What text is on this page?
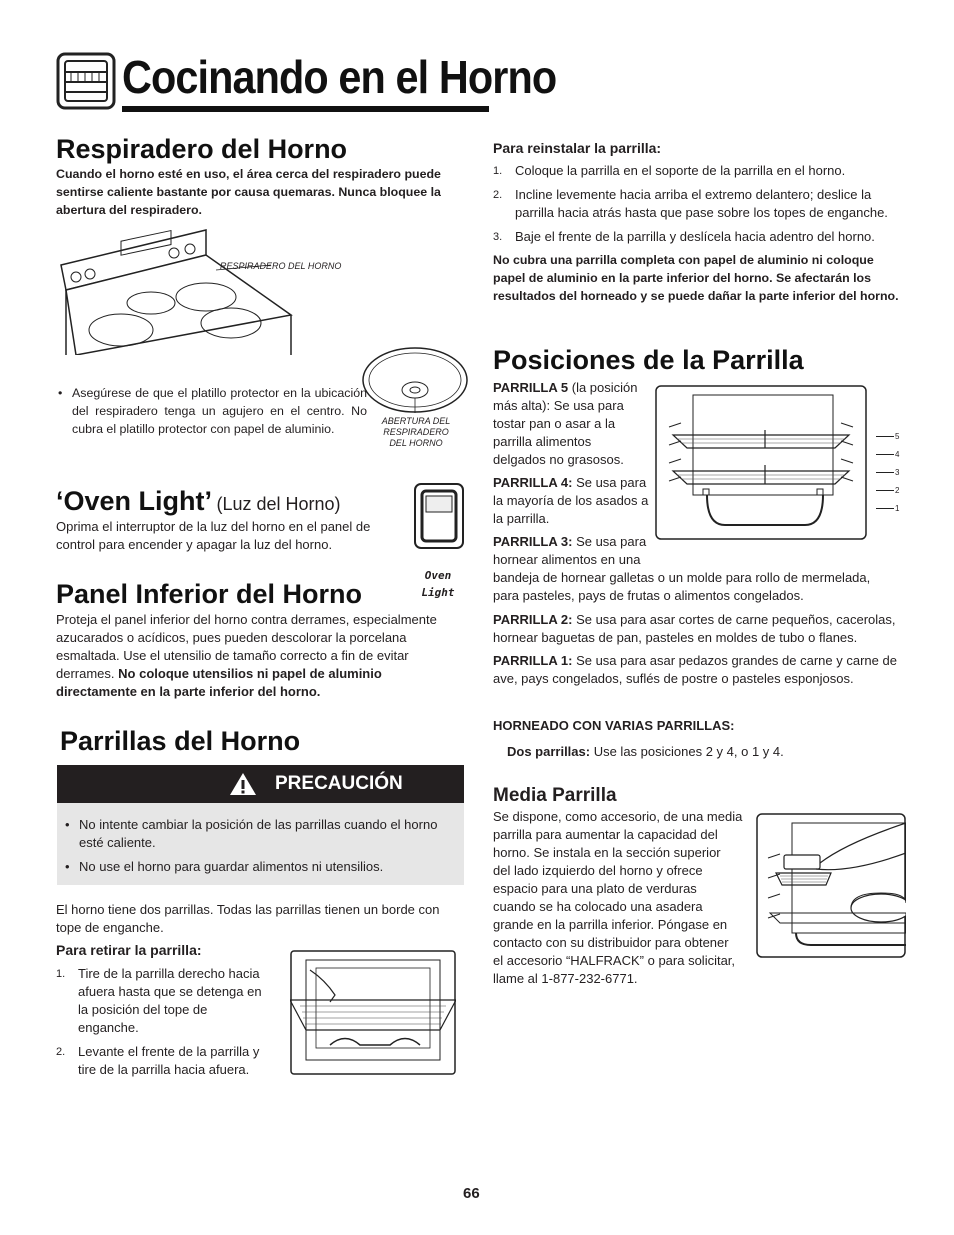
Cocinando en el Horno
Respiradero del Horno
Cuando el horno esté en uso, el área cerca del respiradero puede sentirse caliente bastante por causa quemaras. Nunca bloquee la abertura del respiradero.
RESPIRADERO DEL HORNO
• Asegúrese de que el platillo protector en la ubicación del respiradero tenga un agujero en el centro. No cubra el platillo protector con papel de aluminio.
ABERTURA DEL
RESPIRADERO
DEL HORNO
‘Oven Light’ (Luz del Horno)
Oprima el interruptor de la luz del horno en el panel de control para encender y apagar la luz del horno.
Oven
Light
Panel Inferior del Horno
Proteja el panel inferior del horno contra derrames, especialmente azucarados o acídicos, pues pueden descolorar la porcelana esmaltada. Use el utensilio de tamaño correcto a fin de evitar derrames. No coloque utensilios ni papel de aluminio directamente en la parte inferior del horno.
Parrillas del Horno
PRECAUCIÓN
• No intente cambiar la posición de las parrillas cuando el horno esté caliente.
• No use el horno para guardar alimentos ni utensilios.
El horno tiene dos parrillas. Todas las parrillas tienen un borde con tope de enganche.
Para retirar la parrilla:
1. Tire de la parrilla derecho hacia afuera hasta que se detenga en la posición del tope de enganche.
2. Levante el frente de la parrilla y tire de la parrilla hacia afuera.
Para reinstalar la parrilla:
1. Coloque la parrilla en el soporte de la parrilla en el horno.
2. Incline levemente hacia arriba el extremo delantero; deslice la parrilla hacia atrás hasta que pase sobre los topes de enganche.
3. Baje el frente de la parrilla y deslícela hacia adentro del horno.
No cubra una parrilla completa con papel de aluminio ni coloque papel de aluminio en la parte inferior del horno. Se afectarán los resultados del horneado y se puede dañar la parte inferior del horno.
Posiciones de la Parrilla
PARRILLA 5 (la posición
más alta): Se usa para
tostar pan o asar a la
parrilla alimentos
delgados no grasosos.
PARRILLA 4: Se usa para
la mayoría de los asados a
la parrilla.
PARRILLA 3: Se usa para
hornear alimentos en una
bandeja de hornear galletas o un molde para rollo de mermelada,
para pasteles, pays de frutas o alimentos congelados.
PARRILLA 2: Se usa para asar cortes de carne pequeños, cacerolas, hornear baguetas de pan, pasteles en moldes de tubo o flanes.
PARRILLA 1: Se usa para asar pedazos grandes de carne y carne de ave, pays congelados, suflés de postre o pasteles esponjosos.
5
4
3
2
1
HORNEADO CON VARIAS PARRILLAS:
Dos parrillas: Use las posiciones 2 y 4, o 1 y 4.
Media Parrilla
Se dispone, como accesorio, de una media
parrilla para aumentar la capacidad del
horno. Se instala en la sección superior
del lado izquierdo del horno y ofrece
espacio para una plato de verduras
cuando se ha colocado una asadera
grande en la parrilla inferior. Póngase en
contacto con su distribuidor para obtener
el accesorio “HALFRACK” o para solicitar,
llame al 1-877-232-6771.
66
